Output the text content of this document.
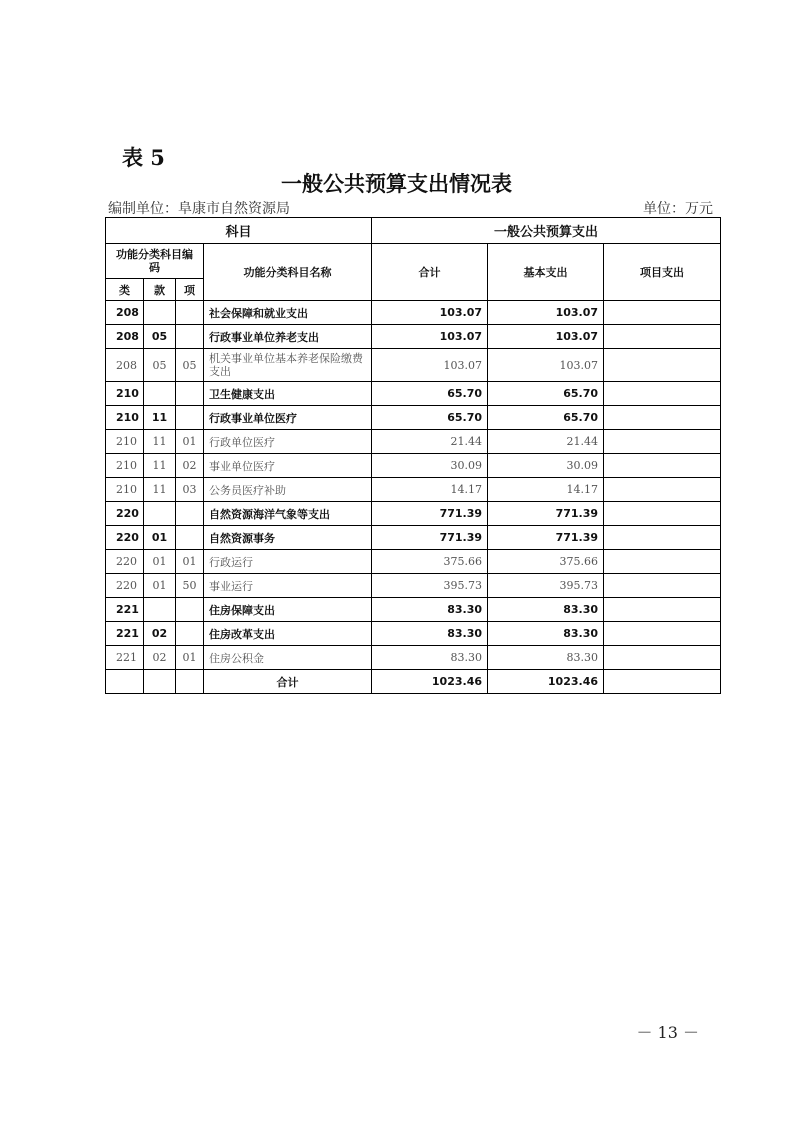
表 5
一般公共预算支出情况表
编制单位：阜康市自然资源局	单位：万元
科目				一般公共预算支出		
功能分类科目编码			功能分类科目名称	合计	基本支出	项目支出
类	款	项				
208			社会保障和就业支出	103.07	103.07	
208	05		行政事业单位养老支出	103.07	103.07	
208	05	05	机关事业单位基本养老保险缴费支出	103.07	103.07	
210			卫生健康支出	65.70	65.70	
210	11		行政事业单位医疗	65.70	65.70	
210	11	01	行政单位医疗	21.44	21.44	
210	11	02	事业单位医疗	30.09	30.09	
210	11	03	公务员医疗补助	14.17	14.17	
220			自然资源海洋气象等支出	771.39	771.39	
220	01		自然资源事务	771.39	771.39	
220	01	01	行政运行	375.66	375.66	
220	01	50	事业运行	395.73	395.73	
221			住房保障支出	83.30	83.30	
221	02		住房改革支出	83.30	83.30	
221	02	01	住房公积金	83.30	83.30	
			合计	1023.46	1023.46	
－ 13 －
